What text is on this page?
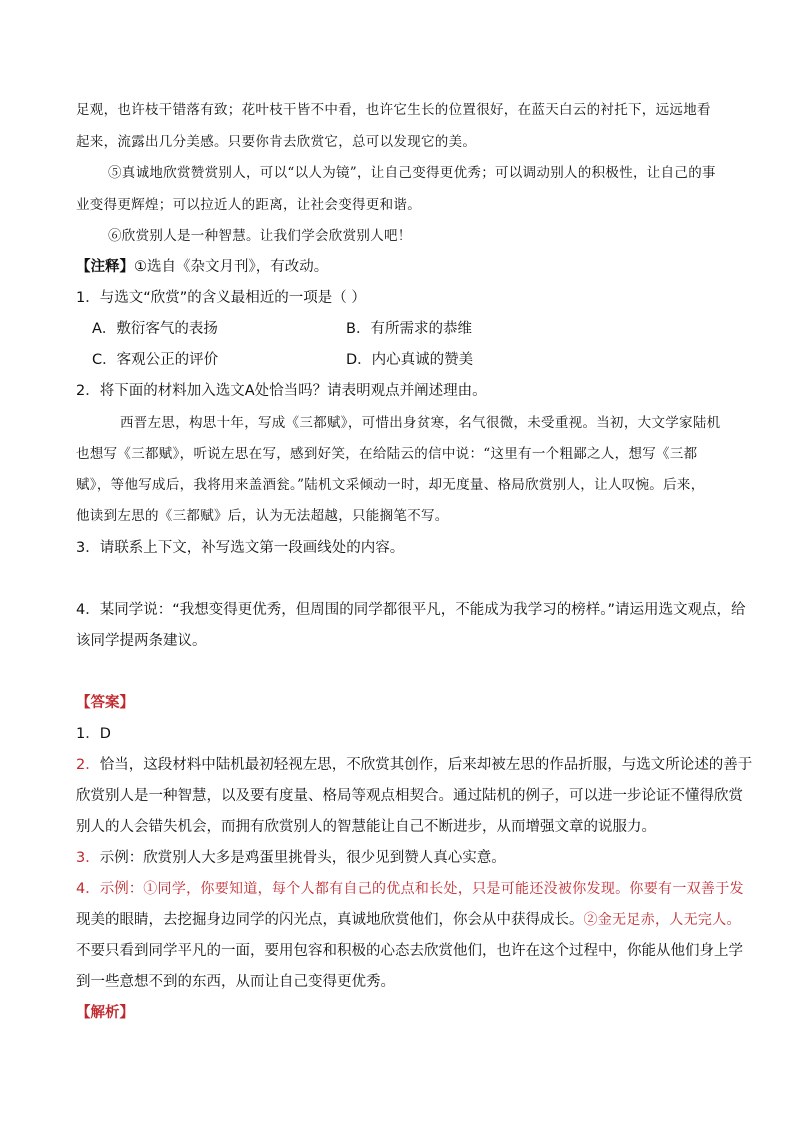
足观，也许枝干错落有致；花叶枝干皆不中看，也许它生长的位置很好，在蓝天白云的衬托下，远远地看
起来，流露出几分美感。只要你肯去欣赏它，总可以发现它的美。
⑤真诚地欣赏赞赏别人，可以“以人为镜”，让自己变得更优秀；可以调动别人的积极性，让自己的事
业变得更辉煌；可以拉近人的距离，让社会变得更和谐。
⑥欣赏别人是一种智慧。让我们学会欣赏别人吧！
【注释】①选自《杂文月刊》，有改动。
1．与选文“欣赏”的含义最相近的一项是（ ）
A．敷衍客气的表扬	B．有所需求的恭维
C．客观公正的评价	D．内心真诚的赞美
2．将下面的材料加入选文A处恰当吗？请表明观点并阐述理由。
西晋左思，构思十年，写成《三都赋》，可惜出身贫寒，名气很微，未受重视。当初，大文学家陆机
也想写《三都赋》，听说左思在写，感到好笑，在给陆云的信中说：“这里有一个粗鄙之人，想写《三都
赋》，等他写成后，我将用来盖酒瓮。”陆机文采倾动一时，却无度量、格局欣赏别人，让人叹惋。后来，
他读到左思的《三都赋》后，认为无法超越，只能搁笔不写。
3．请联系上下文，补写选文第一段画线处的内容。
4．某同学说：“我想变得更优秀，但周围的同学都很平凡，不能成为我学习的榜样。”请运用选文观点，给
该同学提两条建议。
【答案】
1．D
2．恰当，这段材料中陆机最初轻视左思，不欣赏其创作，后来却被左思的作品折服，与选文所论述的善于
欣赏别人是一种智慧，以及要有度量、格局等观点相契合。通过陆机的例子，可以进一步论证不懂得欣赏
别人的人会错失机会，而拥有欣赏别人的智慧能让自己不断进步，从而增强文章的说服力。
3．示例：欣赏别人大多是鸡蛋里挑骨头，很少见到赞人真心实意。
4．示例：①同学，你要知道，每个人都有自己的优点和长处，只是可能还没被你发现。你要有一双善于发
现美的眼睛，去挖掘身边同学的闪光点，真诚地欣赏他们，你会从中获得成长。②金无足赤，人无完人。
不要只看到同学平凡的一面，要用包容和积极的心态去欣赏他们，也许在这个过程中，你能从他们身上学
到一些意想不到的东西，从而让自己变得更优秀。
【解析】
